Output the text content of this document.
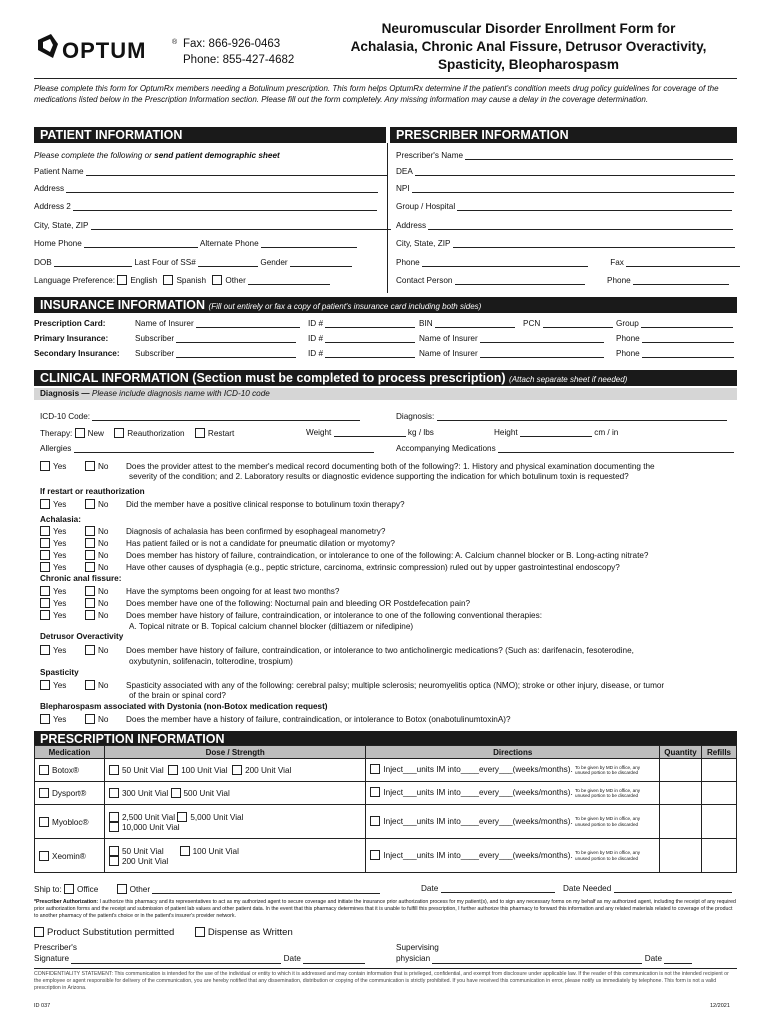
OPTUM	® Fax: 866-926-0463
Phone: 855-427-4682
Neuromuscular Disorder Enrollment Form for
Achalasia, Chronic Anal Fissure, Detrusor Overactivity,
Spasticity, Bleopharospasm
Please complete this form for OptumRx members needing a Botulinum prescription. This form helps OptumRx determine if the patient's condition meets drug policy guidelines for coverage of the medications listed below in the Prescription Information section. Please fill out the form completely. Any missing information may cause a delay in the coverage determination.
PATIENT INFORMATION	PRESCRIBER INFORMATION
Please complete the following or send patient demographic sheet
Patient Name
Address
Address 2
City, State, ZIP
Home Phone	Alternate Phone
DOB	Last Four of SS#	Gender
Language Preference: English Spanish Other
Prescriber's Name
DEA
NPI
Group / Hospital
Address
City, State, ZIP
Phone	Fax
Contact Person	Phone
INSURANCE INFORMATION (Fill out entirely or fax a copy of patient's insurance card including both sides)
Prescription Card:	Name of Insurer	ID #	BIN	PCN	Group
Primary Insurance:	Subscriber	ID #	Name of Insurer	Phone
Secondary Insurance: Subscriber	ID #	Name of Insurer	Phone
CLINICAL INFORMATION (Section must be completed to process prescription) (Attach separate sheet if needed)
Diagnosis — Please include diagnosis name with ICD-10 code
ICD-10 Code:	Diagnosis:
Therapy: New	Reauthorization	Restart	Weight	kg / lbs	Height	cm / in
Allergies	Accompanying Medications
Yes	No Does the provider attest to the member's medical record documenting both of the following?: 1. History and physical examination documenting the
severity of the condition; and 2. Laboratory results or diagnostic evidence supporting the indication for which botulinum toxin is requested?
If restart or reauthorization
Yes	No Did the member have a positive clinical response to botulinum toxin therapy?
Achalasia:
Yes	No Diagnosis of achalasia has been confirmed by esophageal manometry?
Yes	No Has patient failed or is not a candidate for pneumatic dilation or myotomy?
Yes	No Does member has history of failure, contraindication, or intolerance to one of the following: A. Calcium channel blocker or B. Long-acting nitrate?
Yes	No Have other causes of dysphagia (e.g., peptic stricture, carcinoma, extrinsic compression) ruled out by upper gastrointestinal endoscopy?
Chronic anal fissure:
Yes	No Have the symptoms been ongoing for at least two months?
Yes	No Does member have one of the following: Nocturnal pain and bleeding OR Postdefecation pain?
Yes	No Does member have history of failure, contraindication, or intolerance to one of the following conventional therapies:
A. Topical nitrate or B. Topical calcium channel blocker (diltiazem or nifedipine)
Detrusor Overactivity
Yes	No Does member have history of failure, contraindication, or intolerance to two anticholinergic medications? (Such as: darifenacin, fesoterodine,
oxybutynin, solifenacin, tolterodine, trospium)
Spasticity
Yes	No Spasticity associated with any of the following: cerebral palsy; multiple sclerosis; neuromyelitis optica (NMO); stroke or other injury, disease, or tumor
of the brain or spinal cord?
Blepharospasm associated with Dystonia (non-Botox medication request)
Yes	No Does the member have a history of failure, contraindication, or intolerance to Botox (onabotulinumtoxinA)?
PRESCRIPTION INFORMATION
Medication	Dose / Strength	Directions	Quantity	Refills
Botox®	50 Unit Vial 100 Unit Vial 200 Unit Vial	Inject___units IM into____every___(weeks/months). To be given by MD in office, any unused portion to be discarded		
Dysport®	300 Unit Vial 500 Unit Vial	Inject___units IM into____every___(weeks/months). To be given by MD in office, any unused portion to be discarded		
Myobloc®	2,500 Unit Vial 5,000 Unit Vial
10,000 Unit Vial	Inject___units IM into____every___(weeks/months). To be given by MD in office, any unused portion to be discarded		
Xeomin®	50 Unit Vial 100 Unit Vial
200 Unit Vial	Inject___units IM into____every___(weeks/months). To be given by MD in office, any unused portion to be discarded		
Ship to: Office	Other	Date	Date Needed
*Prescriber Authorization: I authorize this pharmacy and its representatives to act as my authorized agent to secure coverage and initiate the insurance prior authorization process for my patient(s), and to sign any necessary forms on my behalf as my authorized agent, including the receipt of any required prior authorization forms and the receipt and submission of patient lab values and other patient data. In the event that this pharmacy determines that it is unable to fulfill this prescription, I further authorize this pharmacy to forward this information and any related materials related to coverage of the product to another pharmacy of the patient's choice or in the patient's insurer's provider network.
Product Substitution permitted	Dispense as Written
Prescriber's
Signature	Date
Supervising
physician	Date
CONFIDENTIALITY STATEMENT: This communication is intended for the use of the individual or entity to which it is addressed and may contain information that is privileged, confidential, and exempt from disclosure under applicable law. If the reader of this communication is not the intended recipient or the employee or agent responsible for delivery of the communication, you are hereby notified that any dissemination, distribution or copying of the communication is strictly prohibited. If you have received this communication in error, please notify us immediately by telephone. This form is not a valid prescription in Arizona.
ID 037	12/2021
